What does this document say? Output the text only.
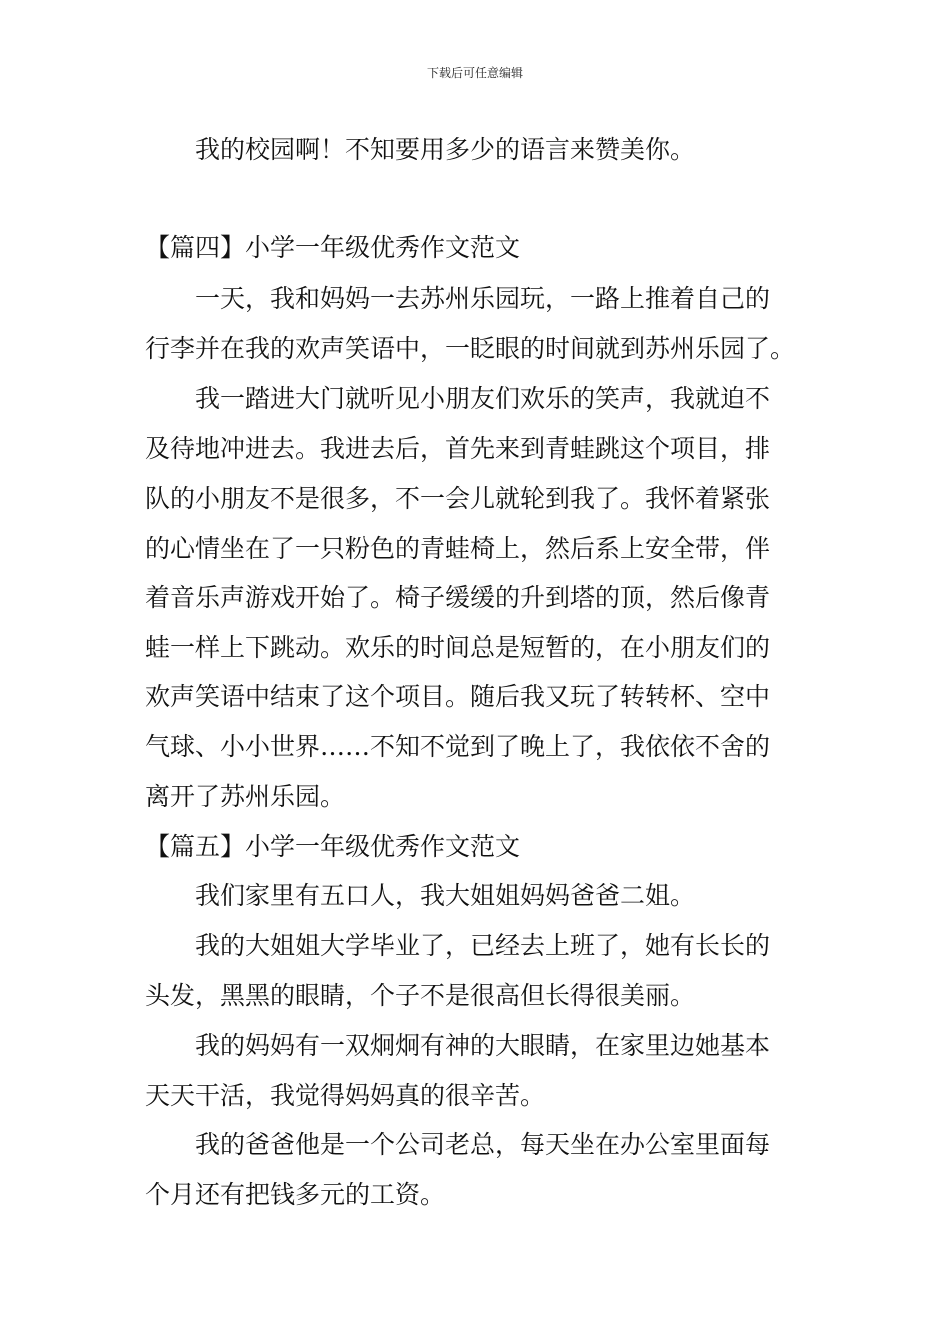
下载后可任意编辑
我的校园啊！不知要用多少的语言来赞美你。
【篇四】小学一年级优秀作文范文
一天，我和妈妈一去苏州乐园玩，一路上推着自己的
行李并在我的欢声笑语中，一眨眼的时间就到苏州乐园了。
我一踏进大门就听见小朋友们欢乐的笑声，我就迫不
及待地冲进去。我进去后，首先来到青蛙跳这个项目，排
队的小朋友不是很多，不一会儿就轮到我了。我怀着紧张
的心情坐在了一只粉色的青蛙椅上，然后系上安全带，伴
着音乐声游戏开始了。椅子缓缓的升到塔的顶，然后像青
蛙一样上下跳动。欢乐的时间总是短暂的，在小朋友们的
欢声笑语中结束了这个项目。随后我又玩了转转杯、空中
气球、小小世界……不知不觉到了晚上了，我依依不舍的
离开了苏州乐园。
【篇五】小学一年级优秀作文范文
我们家里有五口人，我大姐姐妈妈爸爸二姐。
我的大姐姐大学毕业了，已经去上班了，她有长长的
头发，黑黑的眼睛，个子不是很高但长得很美丽。
我的妈妈有一双炯炯有神的大眼睛，在家里边她基本
天天干活，我觉得妈妈真的很辛苦。
我的爸爸他是一个公司老总，每天坐在办公室里面每
个月还有把钱多元的工资。
